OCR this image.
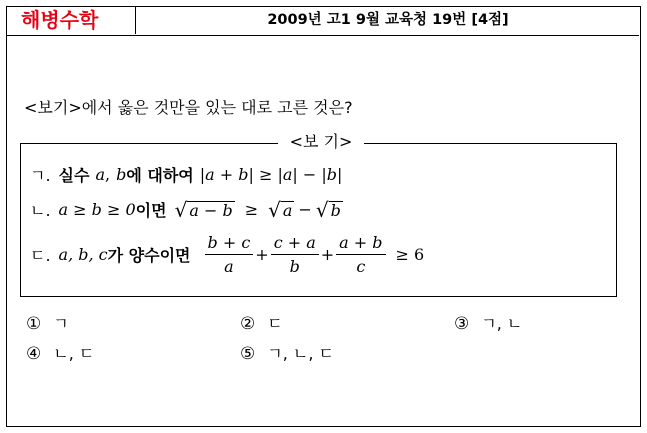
해병수학	2009년 고1 9월 교육청 19번 [4점]
<보기>에서 옳은 것만을 있는 대로 고른 것은?
<보 기>
ㄱ. 실수 a , b 에 대하여 |a + b| ≥ |a| − |b|
ㄴ. a ≥ b ≥ 0 이면 √ a − b ≥ √ a − √ b
ㄷ. a, b, c 가 양수이면 $\frac{b + c}{a} + \frac{c + a}{b} + \frac{a + b}{c} \ge 6$
① ㄱ	② ㄷ	③ ㄱ, ㄴ
④ ㄴ, ㄷ	⑤ ㄱ, ㄴ, ㄷ
